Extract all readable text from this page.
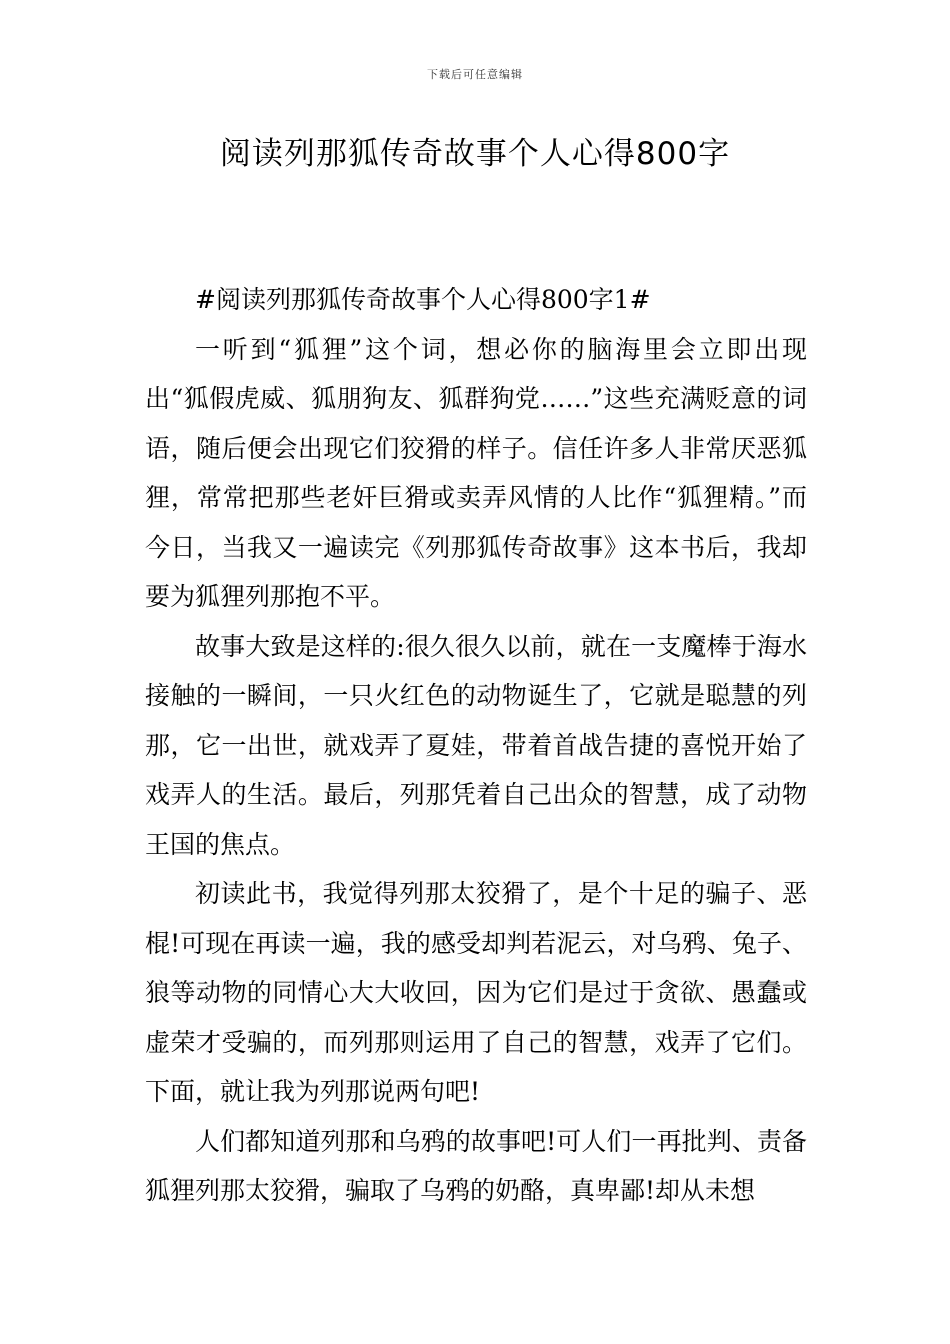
下载后可任意编辑
阅读列那狐传奇故事个人心得800字

#阅读列那狐传奇故事个人心得800字1#

一听到“狐狸”这个词，想必你的脑海里会立即出现出“狐假虎威、狐朋狗友、狐群狗党……”这些充满贬意的词语，随后便会出现它们狡猾的样子。信任许多人非常厌恶狐狸，常常把那些老奸巨猾或卖弄风情的人比作“狐狸精。”而今日，当我又一遍读完《列那狐传奇故事》这本书后，我却要为狐狸列那抱不平。

故事大致是这样的:很久很久以前，就在一支魔棒于海水接触的一瞬间，一只火红色的动物诞生了，它就是聪慧的列那，它一出世，就戏弄了夏娃，带着首战告捷的喜悦开始了戏弄人的生活。最后，列那凭着自己出众的智慧，成了动物王国的焦点。

初读此书，我觉得列那太狡猾了，是个十足的骗子、恶棍!可现在再读一遍，我的感受却判若泥云，对乌鸦、兔子、狼等动物的同情心大大收回，因为它们是过于贪欲、愚蠢或虚荣才受骗的，而列那则运用了自己的智慧，戏弄了它们。下面，就让我为列那说两句吧!

人们都知道列那和乌鸦的故事吧!可人们一再批判、责备狐狸列那太狡猾，骗取了乌鸦的奶酪，真卑鄙!却从未想
